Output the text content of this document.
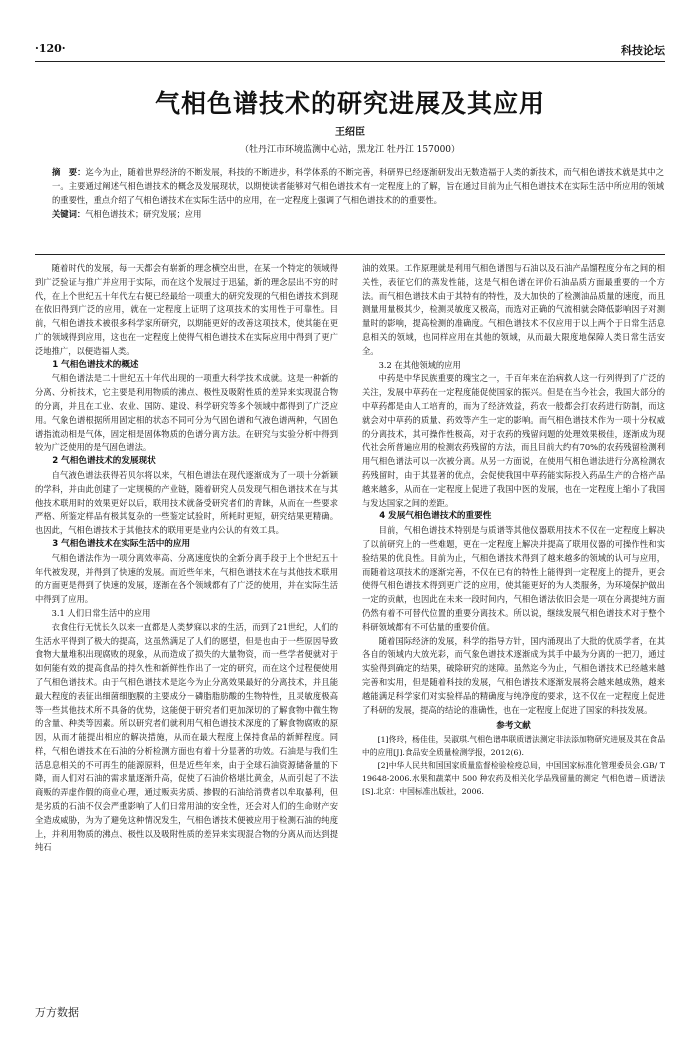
·120·	科技论坛
气相色谱技术的研究进展及其应用
王绍臣
（牡丹江市环境监测中心站，黑龙江 牡丹江 157000）

摘　要：迄今为止，随着世界经济的不断发展，科技的不断进步，科学体系的不断完善，科研界已经逐渐研发出无数造福于人类的新技术，而气相色谱技术就是其中之一。主要通过阐述气相色谱技术的概念及发展现状，以期使读者能够对气相色谱技术有一定程度上的了解，旨在通过目前为止气相色谱技术在实际生活中所应用的领域的重要性，重点介绍了气相色谱技术在实际生活中的应用，在一定程度上强调了气相色谱技术的的重要性。

关键词：气相色谱技术；研究发展；应用

随着时代的发展，每一天都会有崭新的理念横空出世，在某一个特定的领域得到广泛验证与推广并应用于实际，而在这个发展过于迅猛，新的理念层出不穷的时代，在上个世纪五十年代左右便已经最给一项重大的研究发现的气相色谱技术到现在依旧得到广泛的应用，就在一定程度上证明了这项技术的实用性于可靠性。目前，气相色谱技术被很多科学家所研究，以期能更好的改善这项技术，使其能在更广的领域得到应用，这也在一定程度上使得气相色谱技术在实际应用中得到了更广泛地推广，以便造福人类。

1 气相色谱技术的概述

气相色谱法是二十世纪五十年代出现的一项重大科学技术成就。这是一种新的分离、分析技术，它主要是利用物质的沸点、极性及吸附性质的差异来实现混合物的分离，并且在工业、农业、国防、建设、科学研究等多个领域中都得到了广泛应用。气象色谱根据所用固定相的状态不同可分为气固色谱和气液色谱两种，气固色谱指流动相是气体，固定相是固体物质的色谱分离方法。在研究与实验分析中得到较为广泛使用的是气固色谱法。

2 气相色谱技术的发展现状

自气液色谱法获得若贝尔将以来，气相色谱法在现代逐渐成为了一项十分新颖的学科，并由此创建了一定规模的产业链，随着研究人员发现气相色谱技术在与其他技术联用时的效果更好以后，联用技术就备受研究者们的青睐，从而在一些要求严格、所鉴定样品有极其复杂的一些鉴定试验时，所耗时更短，研究结果更精确。也因此，气相色谱技术于其他技术的联用更是业内公认的有效工具。

3 气相色谱技术在实际生活中的应用

气相色谱法作为一项分离效率高、分离速度快的全新分离手段于上个世纪五十年代被发现，并得到了快速的发展。而近些年来，气相色谱技术在与其他技术联用的方面更是得到了快速的发展，逐渐在各个领域都有了广泛的使用，并在实际生活中得到了应用。

3.1 人们日常生活中的应用

衣食住行无忧长久以来一直都是人类梦寐以求的生活，而到了21世纪，人们的生活水平得到了极大的提高，这虽然满足了人们的愿望，但是也由于一些原因导致食物大量堆积出现腐败的现象，从而造成了损失的大量物资，而一些学者便就对于如何能有效的提高食品的持久性和新鲜性作出了一定的研究，而在这个过程便使用了气相色谱技术。由于气相色谱技术是迄今为止分离效果最好的分离技术，并且能最大程度的表征出细菌细胞膜的主要成分－磷脂脂肪酸的生物特性，且灵敏度极高等一些其他技术所不具备的优势，这能便于研究者们更加深切的了解食物中微生物的含量、种类等因素。所以研究者们就利用气相色谱技术深度的了解食物腐败的原因，从而才能提出相应的解决措施，从而在最大程度上保持食品的新鲜程度。同样，气相色谱技术在石油的分析检测方面也有着十分显著的功效。石油是与我们生活息息相关的不可再生的能源原料，但是近些年来，由于全球石油资源储备量的下降，而人们对石油的需求量逐渐升高，促使了石油价格堪比黄金，从而引起了不法商贩的弄虚作假的商业心理，通过贩卖劣质、掺假的石油给消费者以牟取暴利，但是劣质的石油不仅会严重影响了人们日常用油的安全性，还会对人们的生命财产安全造成威胁，为为了避免这种情况发生，气相色谱技术便被应用于检测石油的纯度上，并利用物质的沸点、极性以及吸附性质的差异来实现混合物的分离从而达到提纯石

油的效果。工作原理就是利用气相色谱图与石油以及石油产品馏程度分布之间的相关性，表征它们的蒸发性能，这是气相色谱在评价石油品质方面最重要的一个方法。而气相色谱技术由于其特有的特性，及大加快的了检测油品质量的速度，而且测量用量极其少，检测灵敏度又极高，而选对正确的气流相就会降低影响因子对测量时的影响，提高检测的准确度。气相色谱技术不仅应用于以上两个于日常生活息息相关的领域，也同样应用在其他的领域，从而最大限度地保障人类日常生活安全。

3.2 在其他领域的应用

中药是中华民族重要的瑰宝之一，千百年来在治病救人这一行列得到了广泛的关注，发展中草药在一定程度能促使国家的振兴。但是在当今社会，我国大部分的中草药都是由人工培育的，而为了经济效益，药农一般都会打农药进行防制，而这就会对中草药的质量、药效等产生一定的影响。而气相色谱技术作为一项十分权威的分离技术，其可操作性极高，对于农药的残留问题的处理效果极佳，逐渐成为现代社会所普遍应用的检测农药残留的方法，而且目前大约有70%的农药残留检测利用气相色谱法可以一次被分离。从另一方面说，在使用气相色谱法进行分离检测农药残留时，由于其显著的优点，会促使我国中草药能实际投入药品生产的合格产品越来越多，从而在一定程度上促进了我国中医的发展，也在一定程度上缩小了我国与发达国家之间的差距。

4 发展气相色谱技术的重要性

目前，气相色谱技术特别是与质谱等其他仪器联用技术不仅在一定程度上解决了以前研究上的一些难题，更在一定程度上解决并提高了联用仪器的可操作性和实验结果的优良性。目前为止，气相色谱技术得到了越来越多的领域的认可与应用，而随着这项技术的逐渐完善，不仅在已有的特性上能得到一定程度上的提升，更会使得气相色谱技术得到更广泛的应用，使其能更好的为人类服务，为环境保护做出一定的贡献，也因此在未来一段时间内，气相色谱法依旧会是一项在分离提纯方面仍然有着不可替代位置的重要分离技术。所以说，继续发展气相色谱技术对于整个科研领域都有不可估量的重要价值。

随着国际经济的发展，科学的指导方针，国内涌现出了大批的优质学者，在其各自的领域内大放光彩，而气象色谱技术逐渐成为其手中最为分离的一把刀，通过实验得到确定的结果，破除研究的迷障。虽然迄今为止，气相色谱技术已经越来越完善和实用，但是随着科技的发展，气相色谱技术逐渐发展将会越来越成熟，越来越能满足科学家们对实验样品的精确度与纯净度的要求，这不仅在一定程度上促进了科研的发展，提高的结论的准确性，也在一定程度上促进了国家的科技发展。

参考文献

[1]佟玲，杨佳佳，吴淑琪.气相色谱串联质谱法测定非法添加物研究进展及其在食品中的应用[J].食品安全质量检测学报，2012(6).

[2]中华人民共和国国家质量监督检验检疫总局，中国国家标准化管理委员会.GB/ T 19648-2006.水果和蔬菜中 500 种农药及相关化学品残留量的测定 气相色谱－质谱法[S].北京：中国标准出版社，2006.

万方数据
